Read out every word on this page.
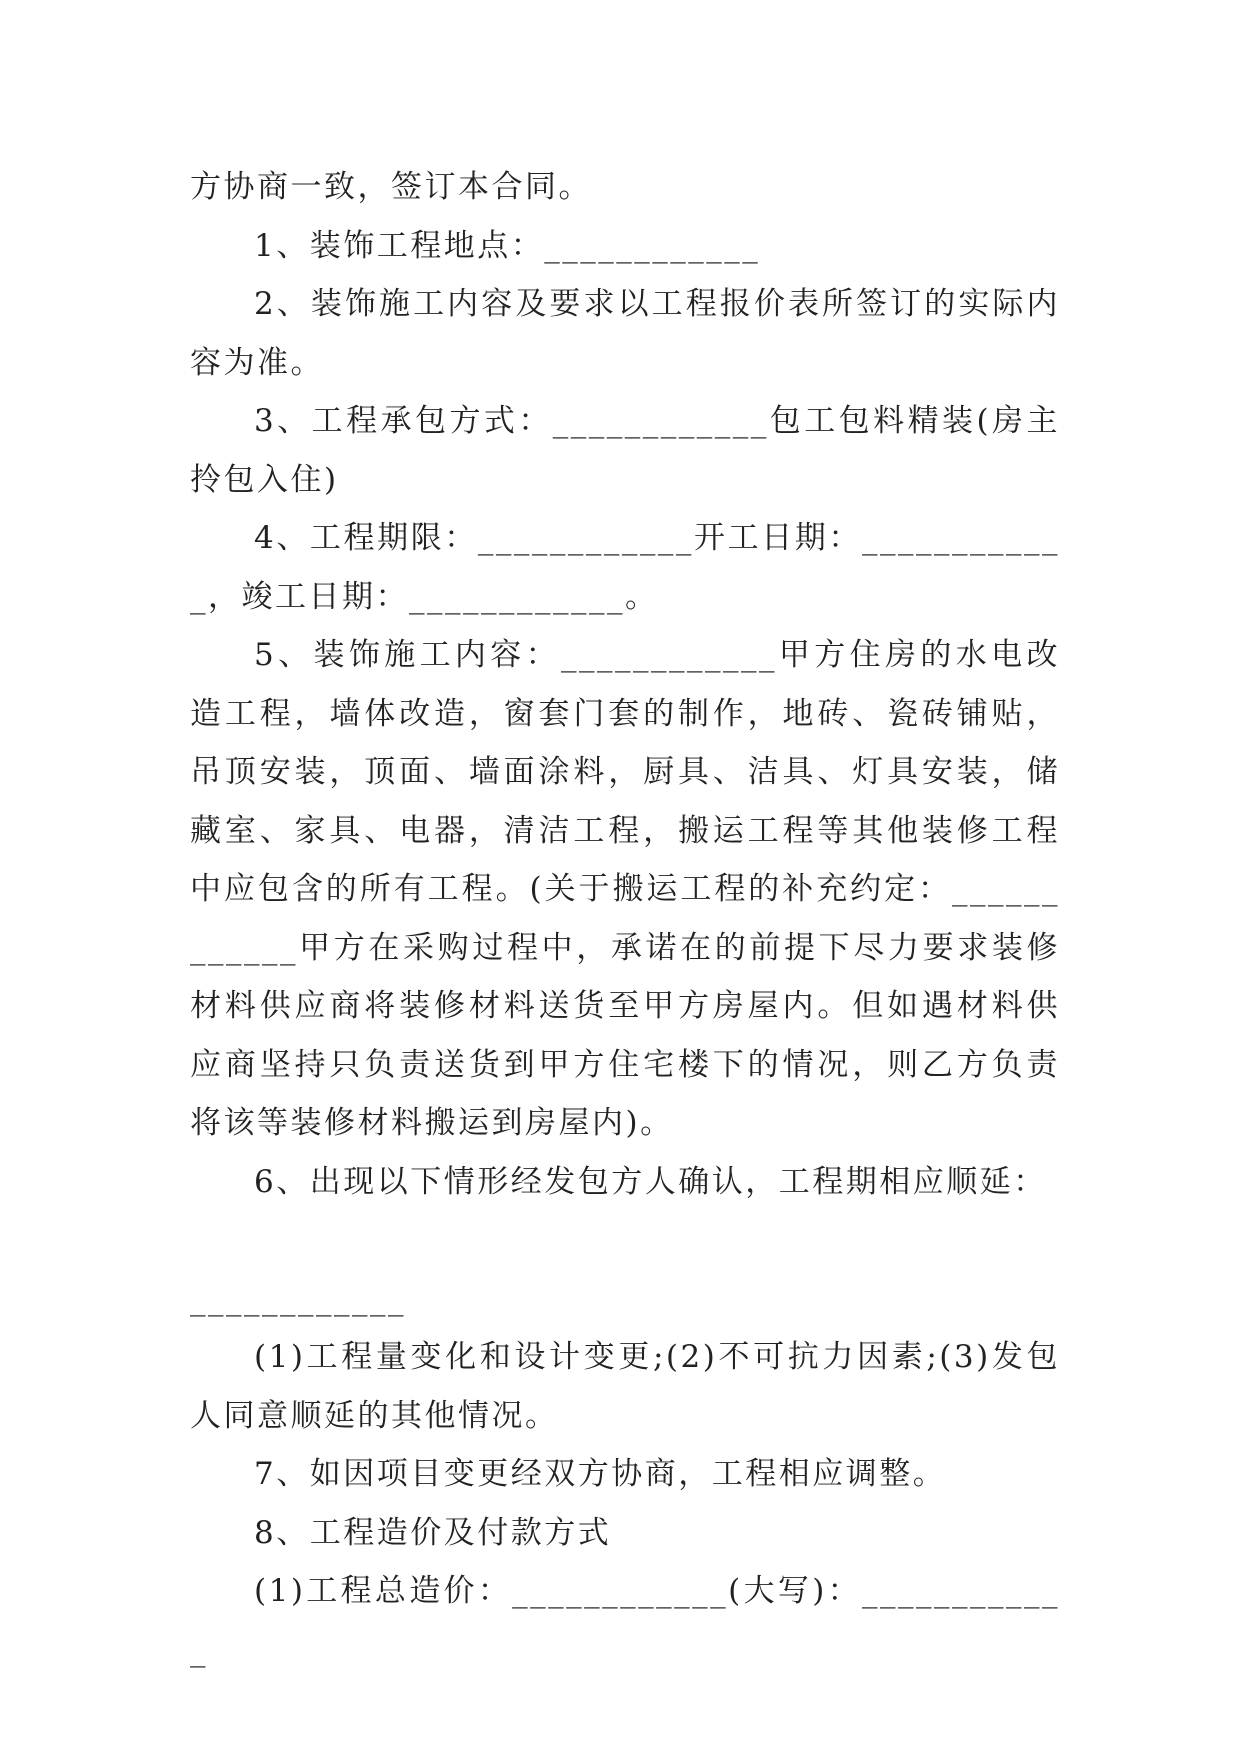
方协商一致，签订本合同。

1、装饰工程地点：____________

2、装饰施工内容及要求以工程报价表所签订的实际内容为准。

3、工程承包方式：____________包工包料精装(房主拎包入住)

4、工程期限：____________开工日期：____________，竣工日期：____________。

5、装饰施工内容：____________甲方住房的水电改造工程，墙体改造，窗套门套的制作，地砖、瓷砖铺贴，吊顶安装，顶面、墙面涂料，厨具、洁具、灯具安装，储藏室、家具、电器，清洁工程，搬运工程等其他装修工程中应包含的所有工程。(关于搬运工程的补充约定：____________甲方在采购过程中，承诺在的前提下尽力要求装修材料供应商将装修材料送货至甲方房屋内。但如遇材料供应商坚持只负责送货到甲方住宅楼下的情况，则乙方负责将该等装修材料搬运到房屋内)。

6、出现以下情形经发包方人确认，工程期相应顺延：

____________

(1)工程量变化和设计变更;(2)不可抗力因素;(3)发包人同意顺延的其他情况。

7、如因项目变更经双方协商，工程相应调整。

8、工程造价及付款方式

(1)工程总造价：____________(大写)：____________
